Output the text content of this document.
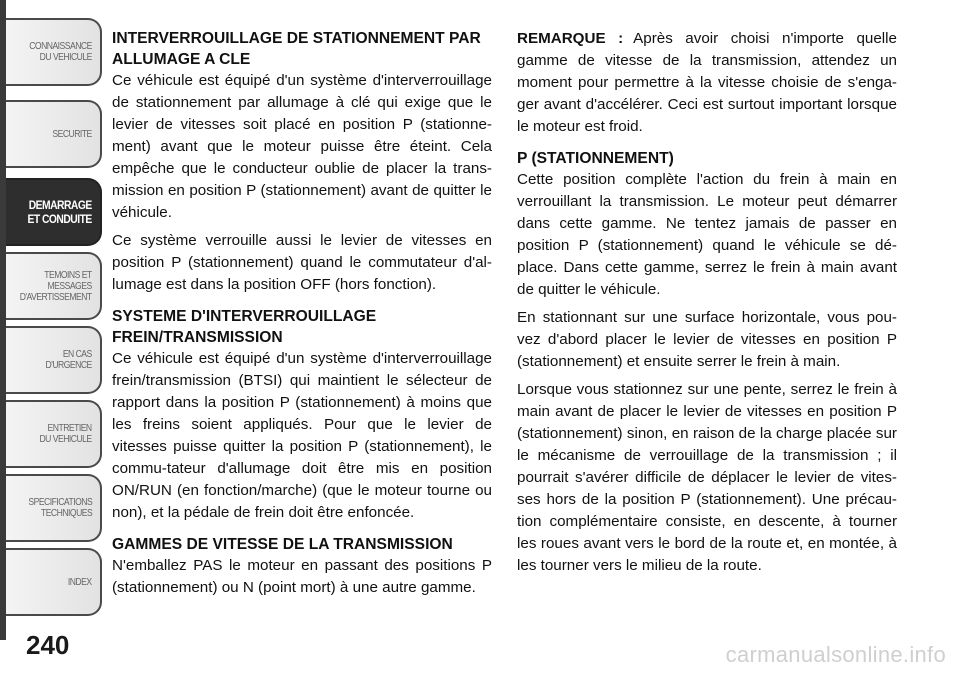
CONNAISSANCE
DU VEHICULE
SECURITE
DEMARRAGE
ET CONDUITE
TEMOINS ET
MESSAGES
D'AVERTISSEMENT
EN CAS
D'URGENCE
ENTRETIEN
DU VEHICULE
SPECIFICATIONS
TECHNIQUES
INDEX
240
INTERVERROUILLAGE DE STATIONNEMENT PAR ALLUMAGE A CLE

Ce véhicule est équipé d'un système d'interverrouillage de stationnement par allumage à clé qui exige que le levier de vitesses soit placé en position P (stationne-ment) avant que le moteur puisse être éteint. Cela empêche que le conducteur oublie de placer la trans-mission en position P (stationnement) avant de quitter le véhicule.

Ce système verrouille aussi le levier de vitesses en position P (stationnement) quand le commutateur d'al-lumage est dans la position OFF (hors fonction).

SYSTEME D'INTERVERROUILLAGE FREIN/TRANSMISSION

Ce véhicule est équipé d'un système d'interverrouillage frein/transmission (BTSI) qui maintient le sélecteur de rapport dans la position P (stationnement) à moins que les freins soient appliqués. Pour que le levier de vitesses puisse quitter la position P (stationnement), le commu-tateur d'allumage doit être mis en position ON/RUN (en fonction/marche) (que le moteur tourne ou non), et la pédale de frein doit être enfoncée.

GAMMES DE VITESSE DE LA TRANSMISSION

N'emballez PAS le moteur en passant des positions P (stationnement) ou N (point mort) à une autre gamme.

REMARQUE : Après avoir choisi n'importe quelle gamme de vitesse de la transmission, attendez un moment pour permettre à la vitesse choisie de s'enga-ger avant d'accélérer. Ceci est surtout important lorsque le moteur est froid.

P (STATIONNEMENT)

Cette position complète l'action du frein à main en verrouillant la transmission. Le moteur peut démarrer dans cette gamme. Ne tentez jamais de passer en position P (stationnement) quand le véhicule se dé-place. Dans cette gamme, serrez le frein à main avant de quitter le véhicule.

En stationnant sur une surface horizontale, vous pou-vez d'abord placer le levier de vitesses en position P (stationnement) et ensuite serrer le frein à main.

Lorsque vous stationnez sur une pente, serrez le frein à main avant de placer le levier de vitesses en position P (stationnement) sinon, en raison de la charge placée sur le mécanisme de verrouillage de la transmission ; il pourrait s'avérer difficile de déplacer le levier de vites-ses hors de la position P (stationnement). Une précau-tion complémentaire consiste, en descente, à tourner les roues avant vers le bord de la route et, en montée, à les tourner vers le milieu de la route.

carmanualsonline.info
